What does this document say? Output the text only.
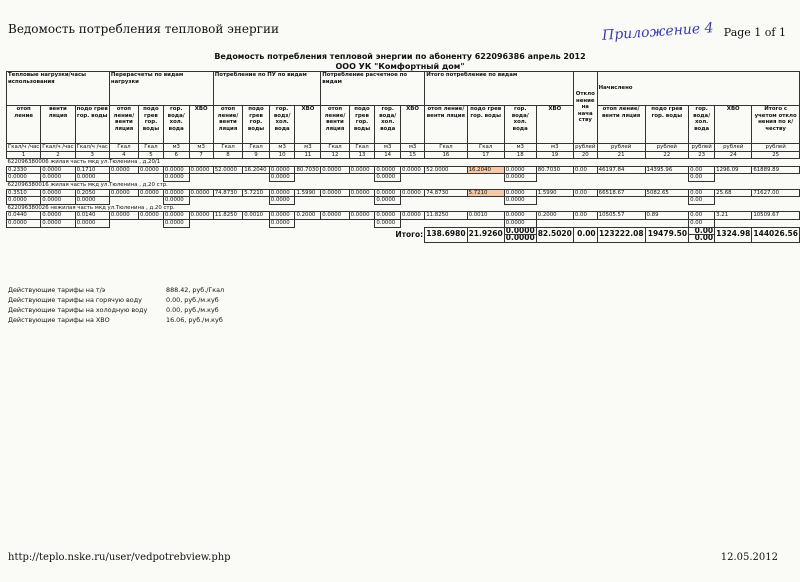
Ведомость потребления тепловой энергии	Приложение 4 Page 1 of 1
Ведомость потребления тепловой энергии по абоненту 622096386 апрель 2012
ООО УК "Комфортный дом"
Тепловые нагрузки/часы использования			Перерасчеты по видам нагрузки				Потребление по ПУ по видам				Потребление расчетное по видам				Итого потребление по видам				Откло нение на нача ству	Начислено				
отоп ление	венти ляция	подо грев гор. воды	отоп ление/ венти ляция	подо грев гор. воды	гор. вода/ хол. вода	ХВО	отоп ление/ венти ляция	подо грев гор. воды	гор. водз/ хол. вода	ХВО	отоп ление/ венти ляция	подо грев гор. воды	гор. вода/ хол. вода	ХВО	отоп ление/ венти ляция	подо грев гор. воды	гор. вода/ хол. вода	ХВО		отоп ление/ венти ляция	подо грев гор. воды	гор. вода/ хол. вода	ХВО	Итого с учетом откло нения по к/честву
Гкал/ч /час	Гкал/ч /час	Гкал/ч /час	Гкал	Гкал	м3	м3	Гкал	Гкал	м3	м3	Гкал	Гкал	м3	м3	Гкал	Гкал	м3	м3	рублей	рублей	рублей	рублей	рублей	рублей
1	2	3	4	5	6	7	8	9	10	11	12	13	14	15	16	17	18	19	20	21	22	23	24	25
622096380006 жилая часть мкд ул.Тюленина , д.20/1																								
0.2330	0.0000	0.1710	0.0000	0.0000	0.0000	0.0000	52.0000	16.2040	0.0000	80.7030	0.0000	0.0000	0.0000	0.0000	52.0000	16.2040	0.0000	80.7030	0.00	46197.84	14395.96	0.00	1296.09	61889.89
0.0000	0.0000	0.0000			0.0000				0.0000				0.0000				0.0000					0.00		
622096380016 жилая часть мкд ул.Тюленина , д.20 стр.																								
0.3510	0.0000	0.2050	0.0000	0.0000	0.0000	0.0000	74.8730	5.7210	0.0000	1.5990	0.0000	0.0000	0.0000	0.0000	74.8730	5.7210	0.0000	1.5990	0.00	66518.67	5082.65	0.00	25.68	71627.00
0.0000	0.0000	0.0000			0.0000				0.0000				0.0000				0.0000					0.00		
622096380026 нежилая часть мкд ул.Тюленина , д.20 стр.																								
0.0440	0.0000	0.0140	0.0000	0.0000	0.0000	0.0000	11.8250	0.0010	0.0000	0.2000	0.0000	0.0000	0.0000	0.0000	11.8250	0.0010	0.0000	0.2000	0.00	10505.57	0.89	0.00	3.21	10509.67
0.0000	0.0000	0.0000			0.0000				0.0000				0.0000				0.0000					0.00		
Итого:															138.6980	21.9260	0.0000	82.5020	0.00	123222.08	19479.50	0.00	1324.98	144026.56
																	0.0000					0.00		
Действующие тарифы на т/э	888.42, руб./Гкал
Действующие тарифы на горячую воду	0.00, руб./м.куб
Действующие тарифы на холодную воду	0.00, руб./м.куб
Действующие тарифы на ХВО	16.06, руб./м.куб
http://teplo.nske.ru/user/vedpotrebview.php	12.05.2012
